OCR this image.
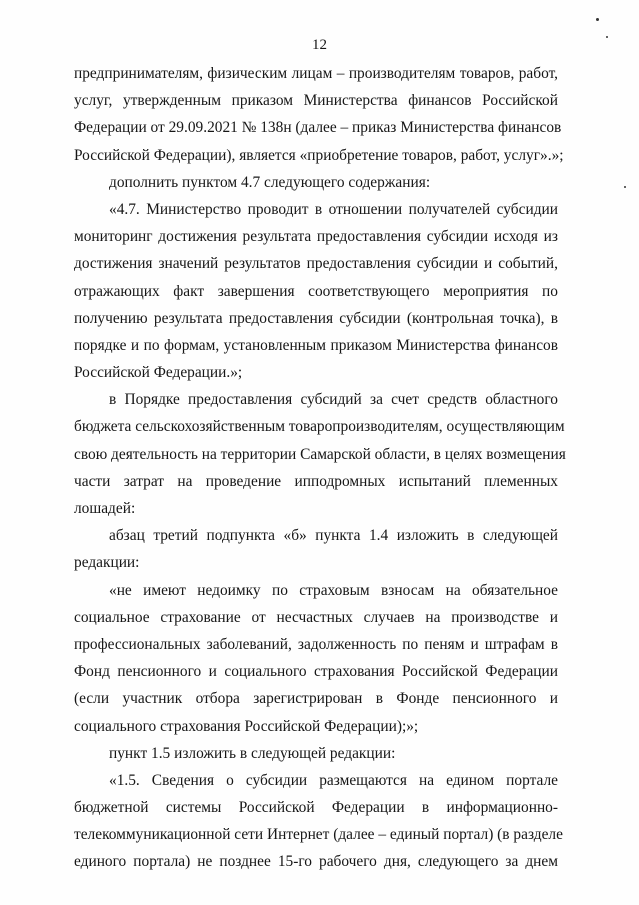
12
предпринимателям, физическим лицам – производителям товаров, работ,
услуг, утвержденным приказом Министерства финансов Российской
Федерации от 29.09.2021 № 138н (далее – приказ Министерства финансов
Российской Федерации), является «приобретение товаров, работ, услуг».»;
дополнить пунктом 4.7 следующего содержания:
«4.7. Министерство проводит в отношении получателей субсидии
мониторинг достижения результата предоставления субсидии исходя из
достижения значений результатов предоставления субсидии и событий,
отражающих факт завершения соответствующего мероприятия по
получению результата предоставления субсидии (контрольная точка), в
порядке и по формам, установленным приказом Министерства финансов
Российской Федерации.»;
в Порядке предоставления субсидий за счет средств областного
бюджета сельскохозяйственным товаропроизводителям, осуществляющим
свою деятельность на территории Самарской области, в целях возмещения
части затрат на проведение ипподромных испытаний племенных
лошадей:
абзац третий подпункта «б» пункта 1.4 изложить в следующей
редакции:
«не имеют недоимку по страховым взносам на обязательное
социальное страхование от несчастных случаев на производстве и
профессиональных заболеваний, задолженность по пеням и штрафам в
Фонд пенсионного и социального страхования Российской Федерации
(если участник отбора зарегистрирован в Фонде пенсионного и
социального страхования Российской Федерации);»;
пункт 1.5 изложить в следующей редакции:
«1.5. Сведения о субсидии размещаются на едином портале
бюджетной системы Российской Федерации в информационно-
телекоммуникационной сети Интернет (далее – единый портал) (в разделе
единого портала) не позднее 15-го рабочего дня, следующего за днем
